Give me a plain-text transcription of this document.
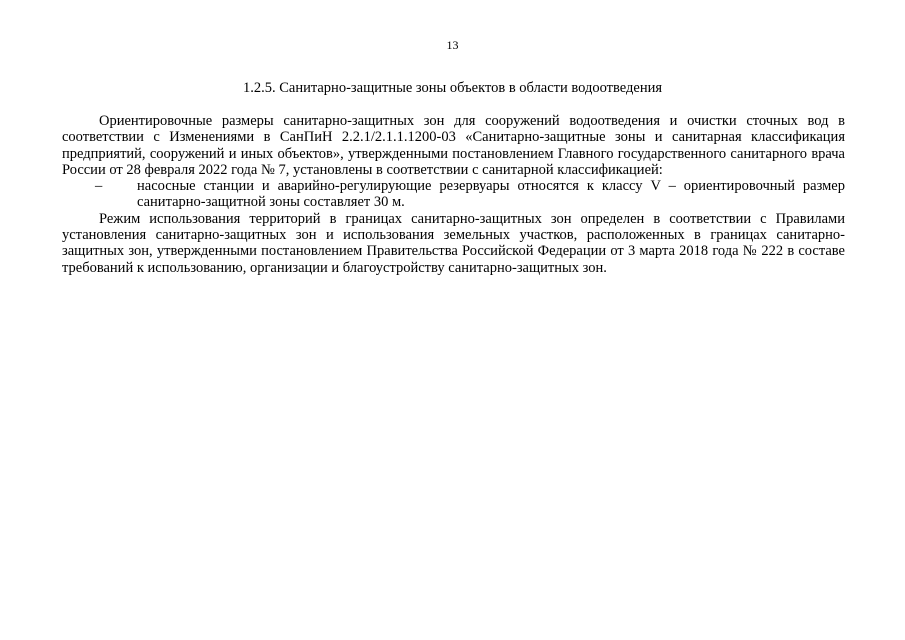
13
1.2.5. Санитарно-защитные зоны объектов в области водоотведения

Ориентировочные размеры санитарно-защитных зон для сооружений водоотведения и очистки сточных вод в соответствии с Изменениями в СанПиН 2.2.1/2.1.1.1200-03 «Санитарно-защитные зоны и санитарная классификация предприятий, сооружений и иных объектов», утвержденными постановлением Главного государственного санитарного врача России от 28 февраля 2022 года № 7, установлены в соответствии с санитарной классификацией:

– насосные станции и аварийно-регулирующие резервуары относятся к классу V – ориентировочный размер санитарно-защитной зоны составляет 30 м.

Режим использования территорий в границах санитарно-защитных зон определен в соответствии с Правилами установления санитарно-защитных зон и использования земельных участков, расположенных в границах санитарно-защитных зон, утвержденными постановлением Правительства Российской Федерации от 3 марта 2018 года № 222 в составе требований к использованию, организации и благоустройству санитарно-защитных зон.
